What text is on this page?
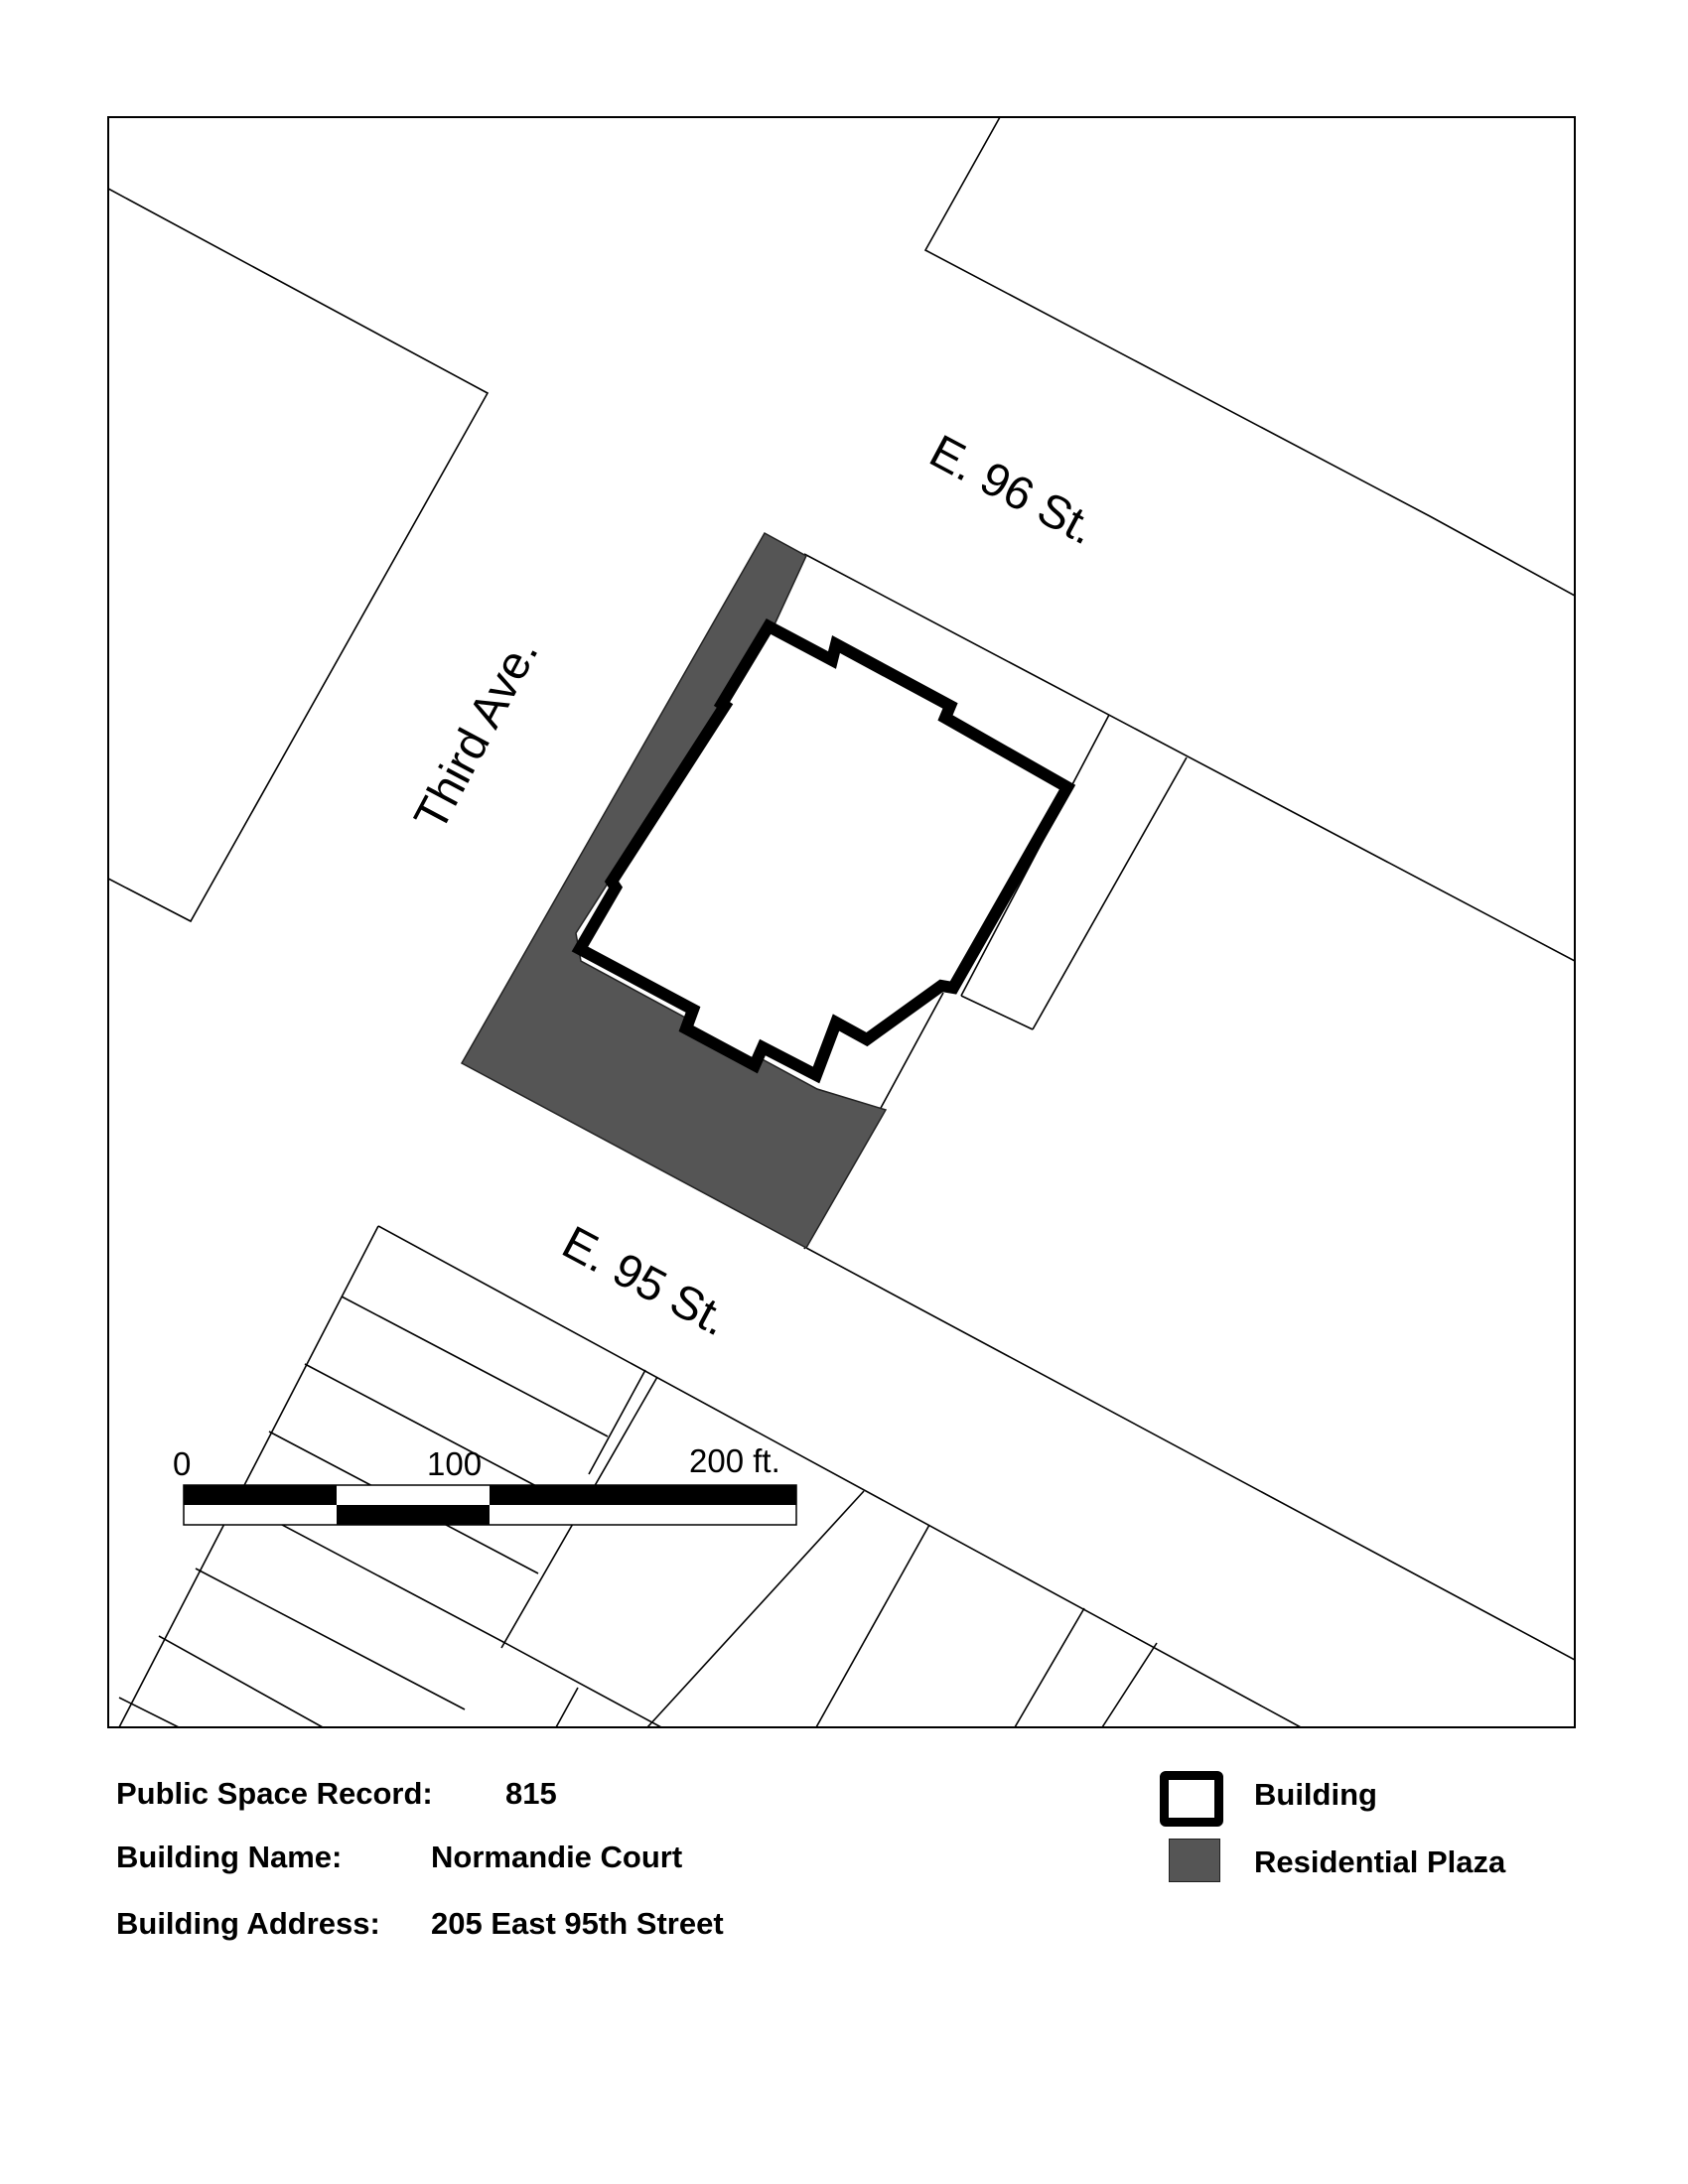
E. 96 St.
E. 95 St.
Third Ave.
0	100	200 ft.
Public Space Record: 815
Building Name:	Normandie Court
Building Address: 205 East 95th Street
Building
Residential Plaza
